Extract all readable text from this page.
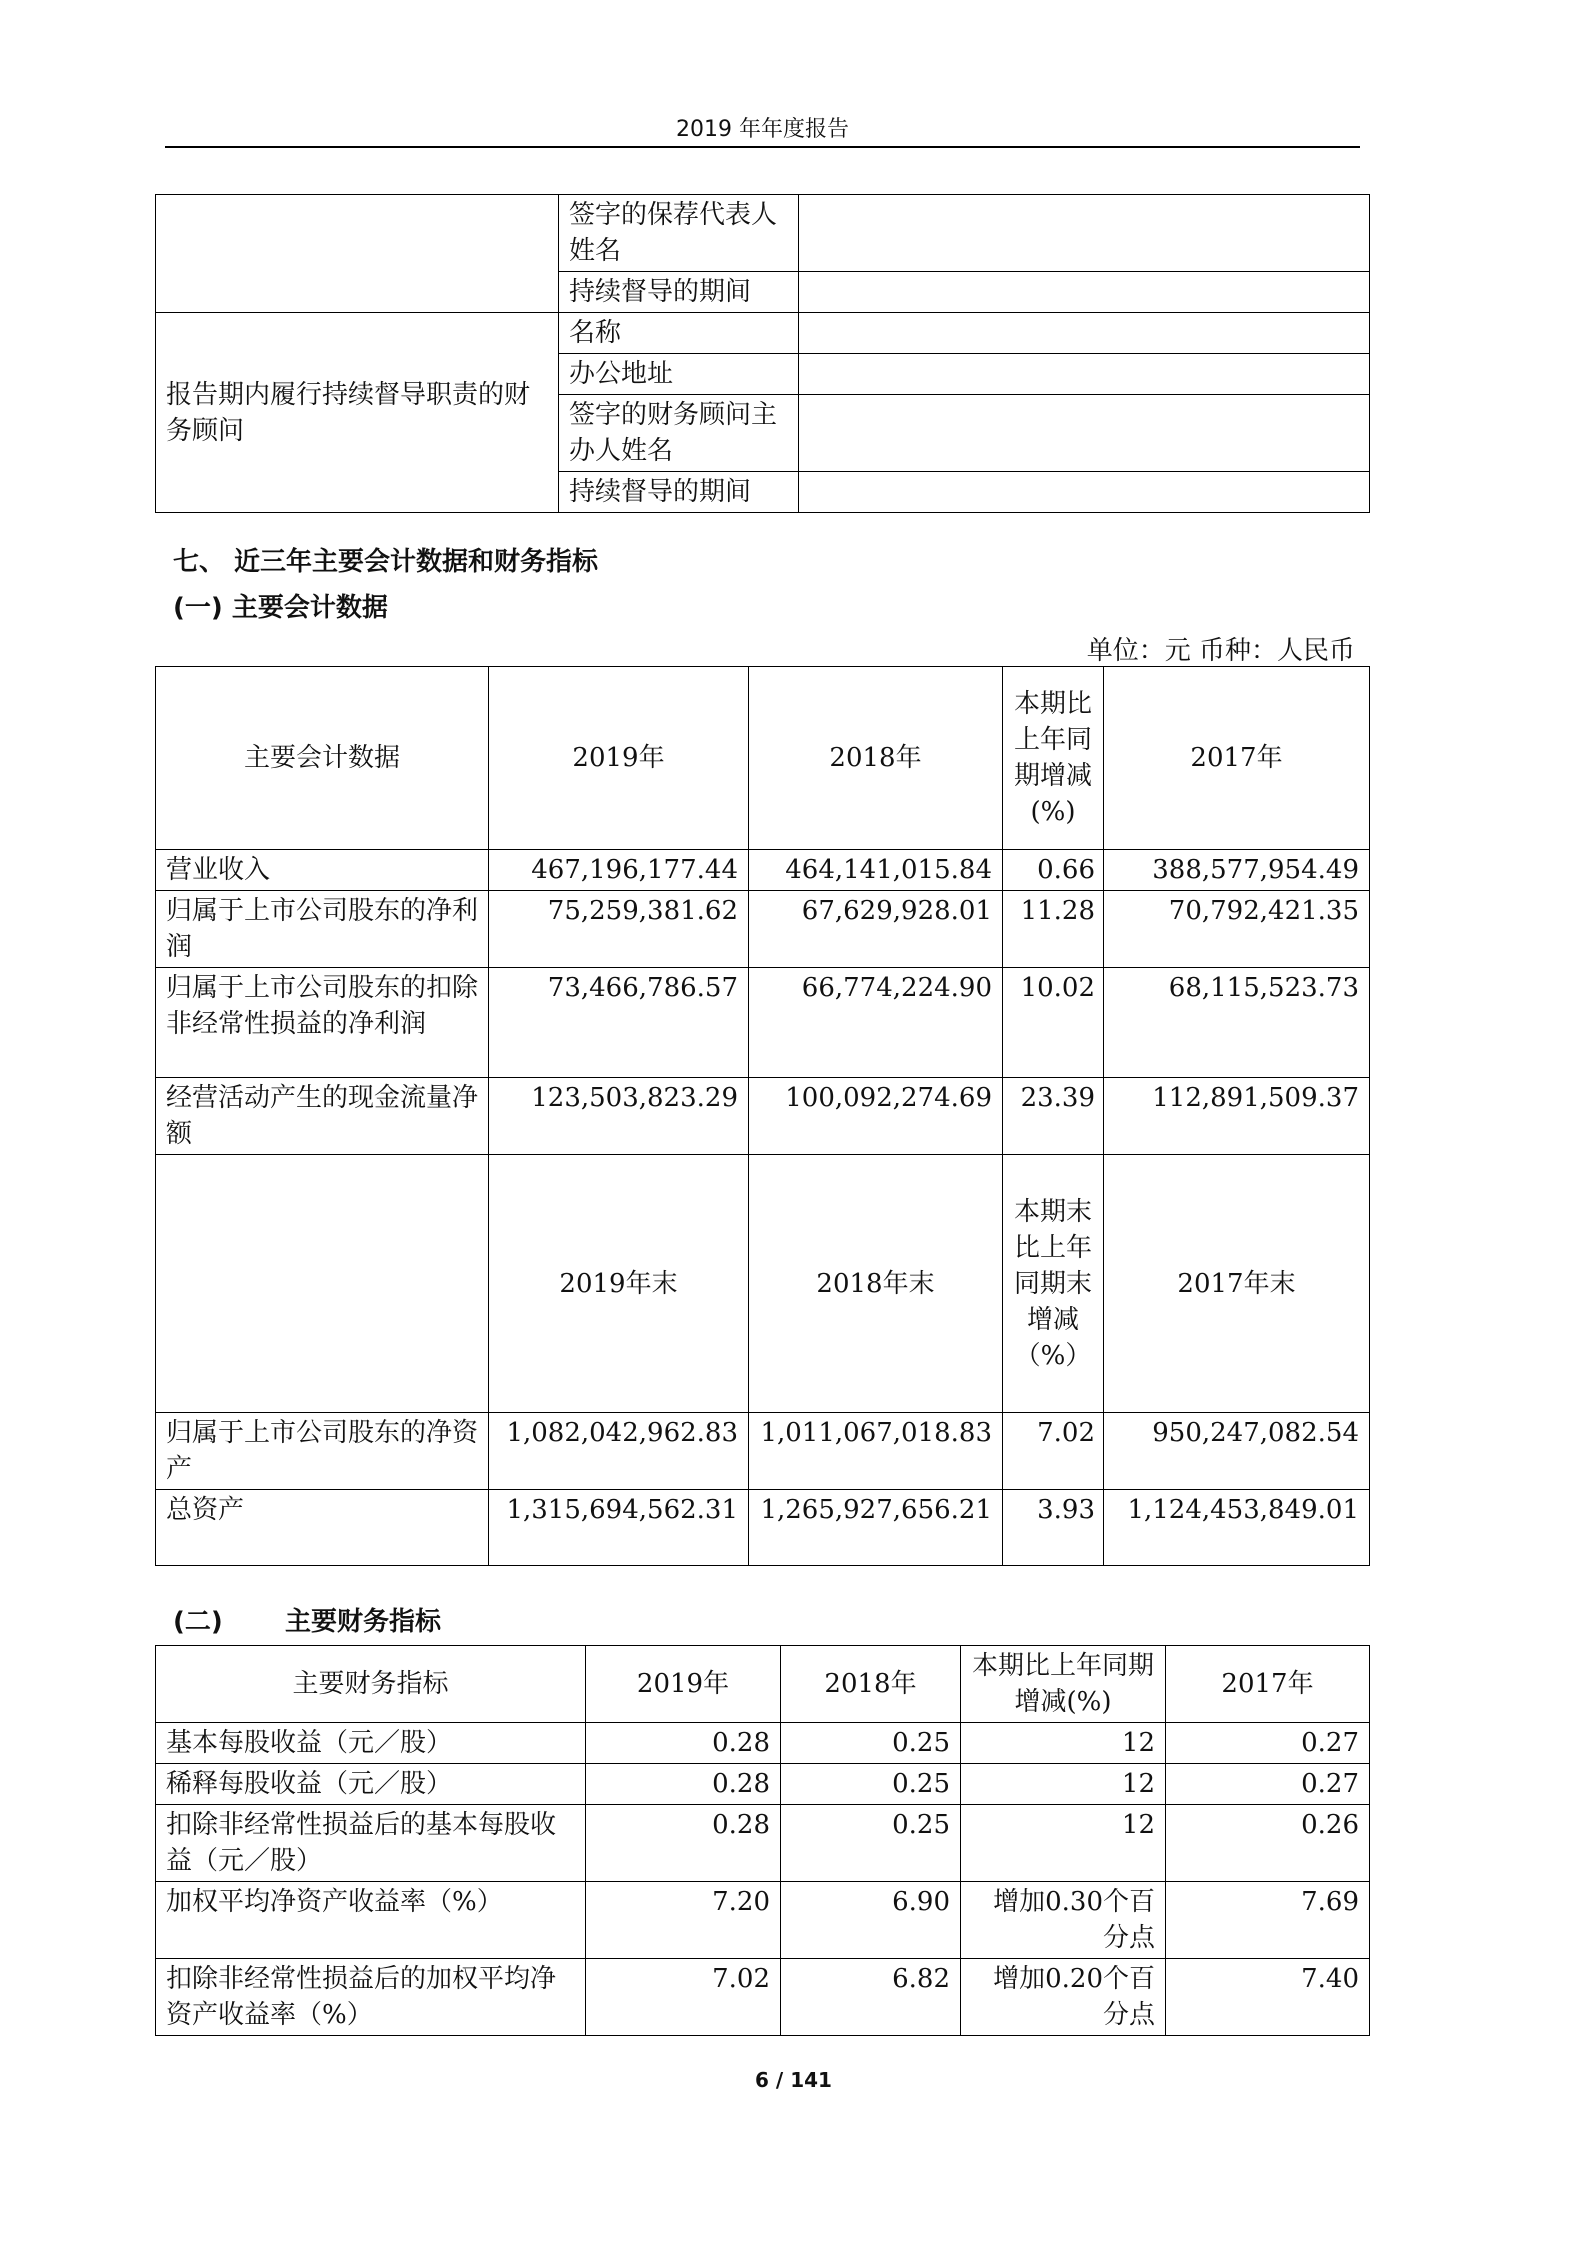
2019 年年度报告
	签字的保荐代表人姓名	
	持续督导的期间	
报告期内履行持续督导职责的财务顾问	名称	
	办公地址	
	签字的财务顾问主办人姓名	
	持续督导的期间	
七、 近三年主要会计数据和财务指标
(一) 主要会计数据
单位：元 币种：人民币
主要会计数据	2019年	2018年	本期比上年同期增减(%)	2017年
营业收入	467,196,177.44	464,141,015.84	0.66	388,577,954.49
归属于上市公司股东的净利润	75,259,381.62	67,629,928.01	11.28	70,792,421.35
归属于上市公司股东的扣除非经常性损益的净利润	73,466,786.57	66,774,224.90	10.02	68,115,523.73
经营活动产生的现金流量净额	123,503,823.29	100,092,274.69	23.39	112,891,509.37
	2019年末	2018年末	本期末比上年同期末增减（%）	2017年末
归属于上市公司股东的净资产	1,082,042,962.83	1,011,067,018.83	7.02	950,247,082.54
总资产	1,315,694,562.31	1,265,927,656.21	3.93	1,124,453,849.01
(二) 主要财务指标
主要财务指标	2019年	2018年	本期比上年同期增减(%)	2017年
基本每股收益（元／股）	0.28	0.25	12	0.27
稀释每股收益（元／股）	0.28	0.25	12	0.27
扣除非经常性损益后的基本每股收益（元／股）	0.28	0.25	12	0.26
加权平均净资产收益率（%）	7.20	6.90	增加0.30个百分点	7.69
扣除非经常性损益后的加权平均净资产收益率（%）	7.02	6.82	增加0.20个百分点	7.40
6 / 141
